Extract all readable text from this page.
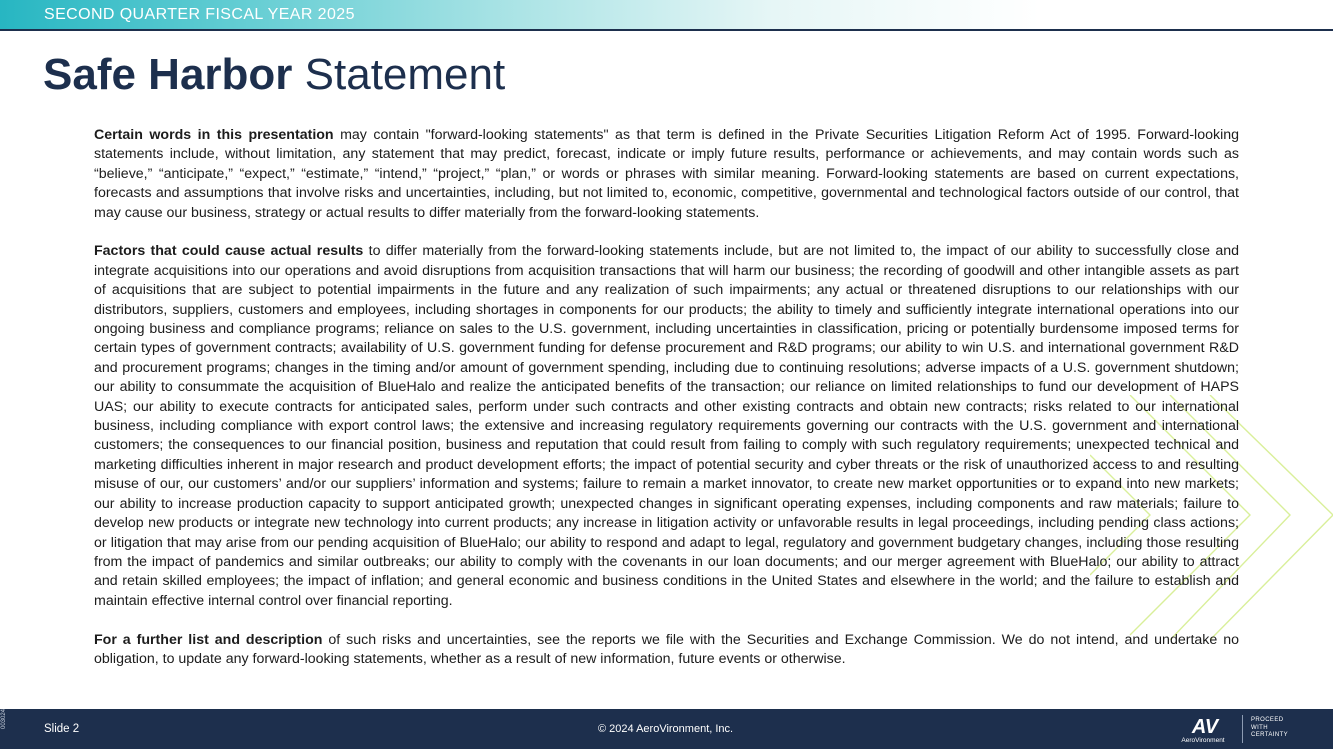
SECOND QUARTER FISCAL YEAR 2025
Safe Harbor Statement

Certain words in this presentation may contain "forward-looking statements" as that term is defined in the Private Securities Litigation Reform Act of 1995. Forward-looking statements include, without limitation, any statement that may predict, forecast, indicate or imply future results, performance or achievements, and may contain words such as “believe,” “anticipate,” “expect,” “estimate,” “intend,” “project,” “plan,” or words or phrases with similar meaning. Forward-looking statements are based on current expectations, forecasts and assumptions that involve risks and uncertainties, including, but not limited to, economic, competitive, governmental and technological factors outside of our control, that may cause our business, strategy or actual results to differ materially from the forward-looking statements.

Factors that could cause actual results to differ materially from the forward-looking statements include, but are not limited to, the impact of our ability to successfully close and integrate acquisitions into our operations and avoid disruptions from acquisition transactions that will harm our business; the recording of goodwill and other intangible assets as part of acquisitions that are subject to potential impairments in the future and any realization of such impairments; any actual or threatened disruptions to our relationships with our distributors, suppliers, customers and employees, including shortages in components for our products; the ability to timely and sufficiently integrate international operations into our ongoing business and compliance programs; reliance on sales to the U.S. government, including uncertainties in classification, pricing or potentially burdensome imposed terms for certain types of government contracts; availability of U.S. government funding for defense procurement and R&D programs; our ability to win U.S. and international government R&D and procurement programs; changes in the timing and/or amount of government spending, including due to continuing resolutions; adverse impacts of a U.S. government shutdown; our ability to consummate the acquisition of BlueHalo and realize the anticipated benefits of the transaction; our reliance on limited relationships to fund our development of HAPS UAS; our ability to execute contracts for anticipated sales, perform under such contracts and other existing contracts and obtain new contracts; risks related to our international business, including compliance with export control laws; the extensive and increasing regulatory requirements governing our contracts with the U.S. government and international customers; the consequences to our financial position, business and reputation that could result from failing to comply with such regulatory requirements; unexpected technical and marketing difficulties inherent in major research and product development efforts; the impact of potential security and cyber threats or the risk of unauthorized access to and resulting misuse of our, our customers’ and/or our suppliers’ information and systems; failure to remain a market innovator, to create new market opportunities or to expand into new markets; our ability to increase production capacity to support anticipated growth; unexpected changes in significant operating expenses, including components and raw materials; failure to develop new products or integrate new technology into current products; any increase in litigation activity or unfavorable results in legal proceedings, including pending class actions; or litigation that may arise from our pending acquisition of BlueHalo; our ability to respond and adapt to legal, regulatory and government budgetary changes, including those resulting from the impact of pandemics and similar outbreaks; our ability to comply with the covenants in our loan documents; and our merger agreement with BlueHalo; our ability to attract and retain skilled employees; the impact of inflation; and general economic and business conditions in the United States and elsewhere in the world; and the failure to establish and maintain effective internal control over financial reporting.

For a further list and description of such risks and uncertainties, see the reports we file with the Securities and Exchange Commission. We do not intend, and undertake no obligation, to update any forward-looking statements, whether as a result of new information, future events or otherwise.

003024	Slide 2	© 2024 AeroVironment, Inc.	AV
AeroVironment
PROCEED
WITH
CERTAINTY
